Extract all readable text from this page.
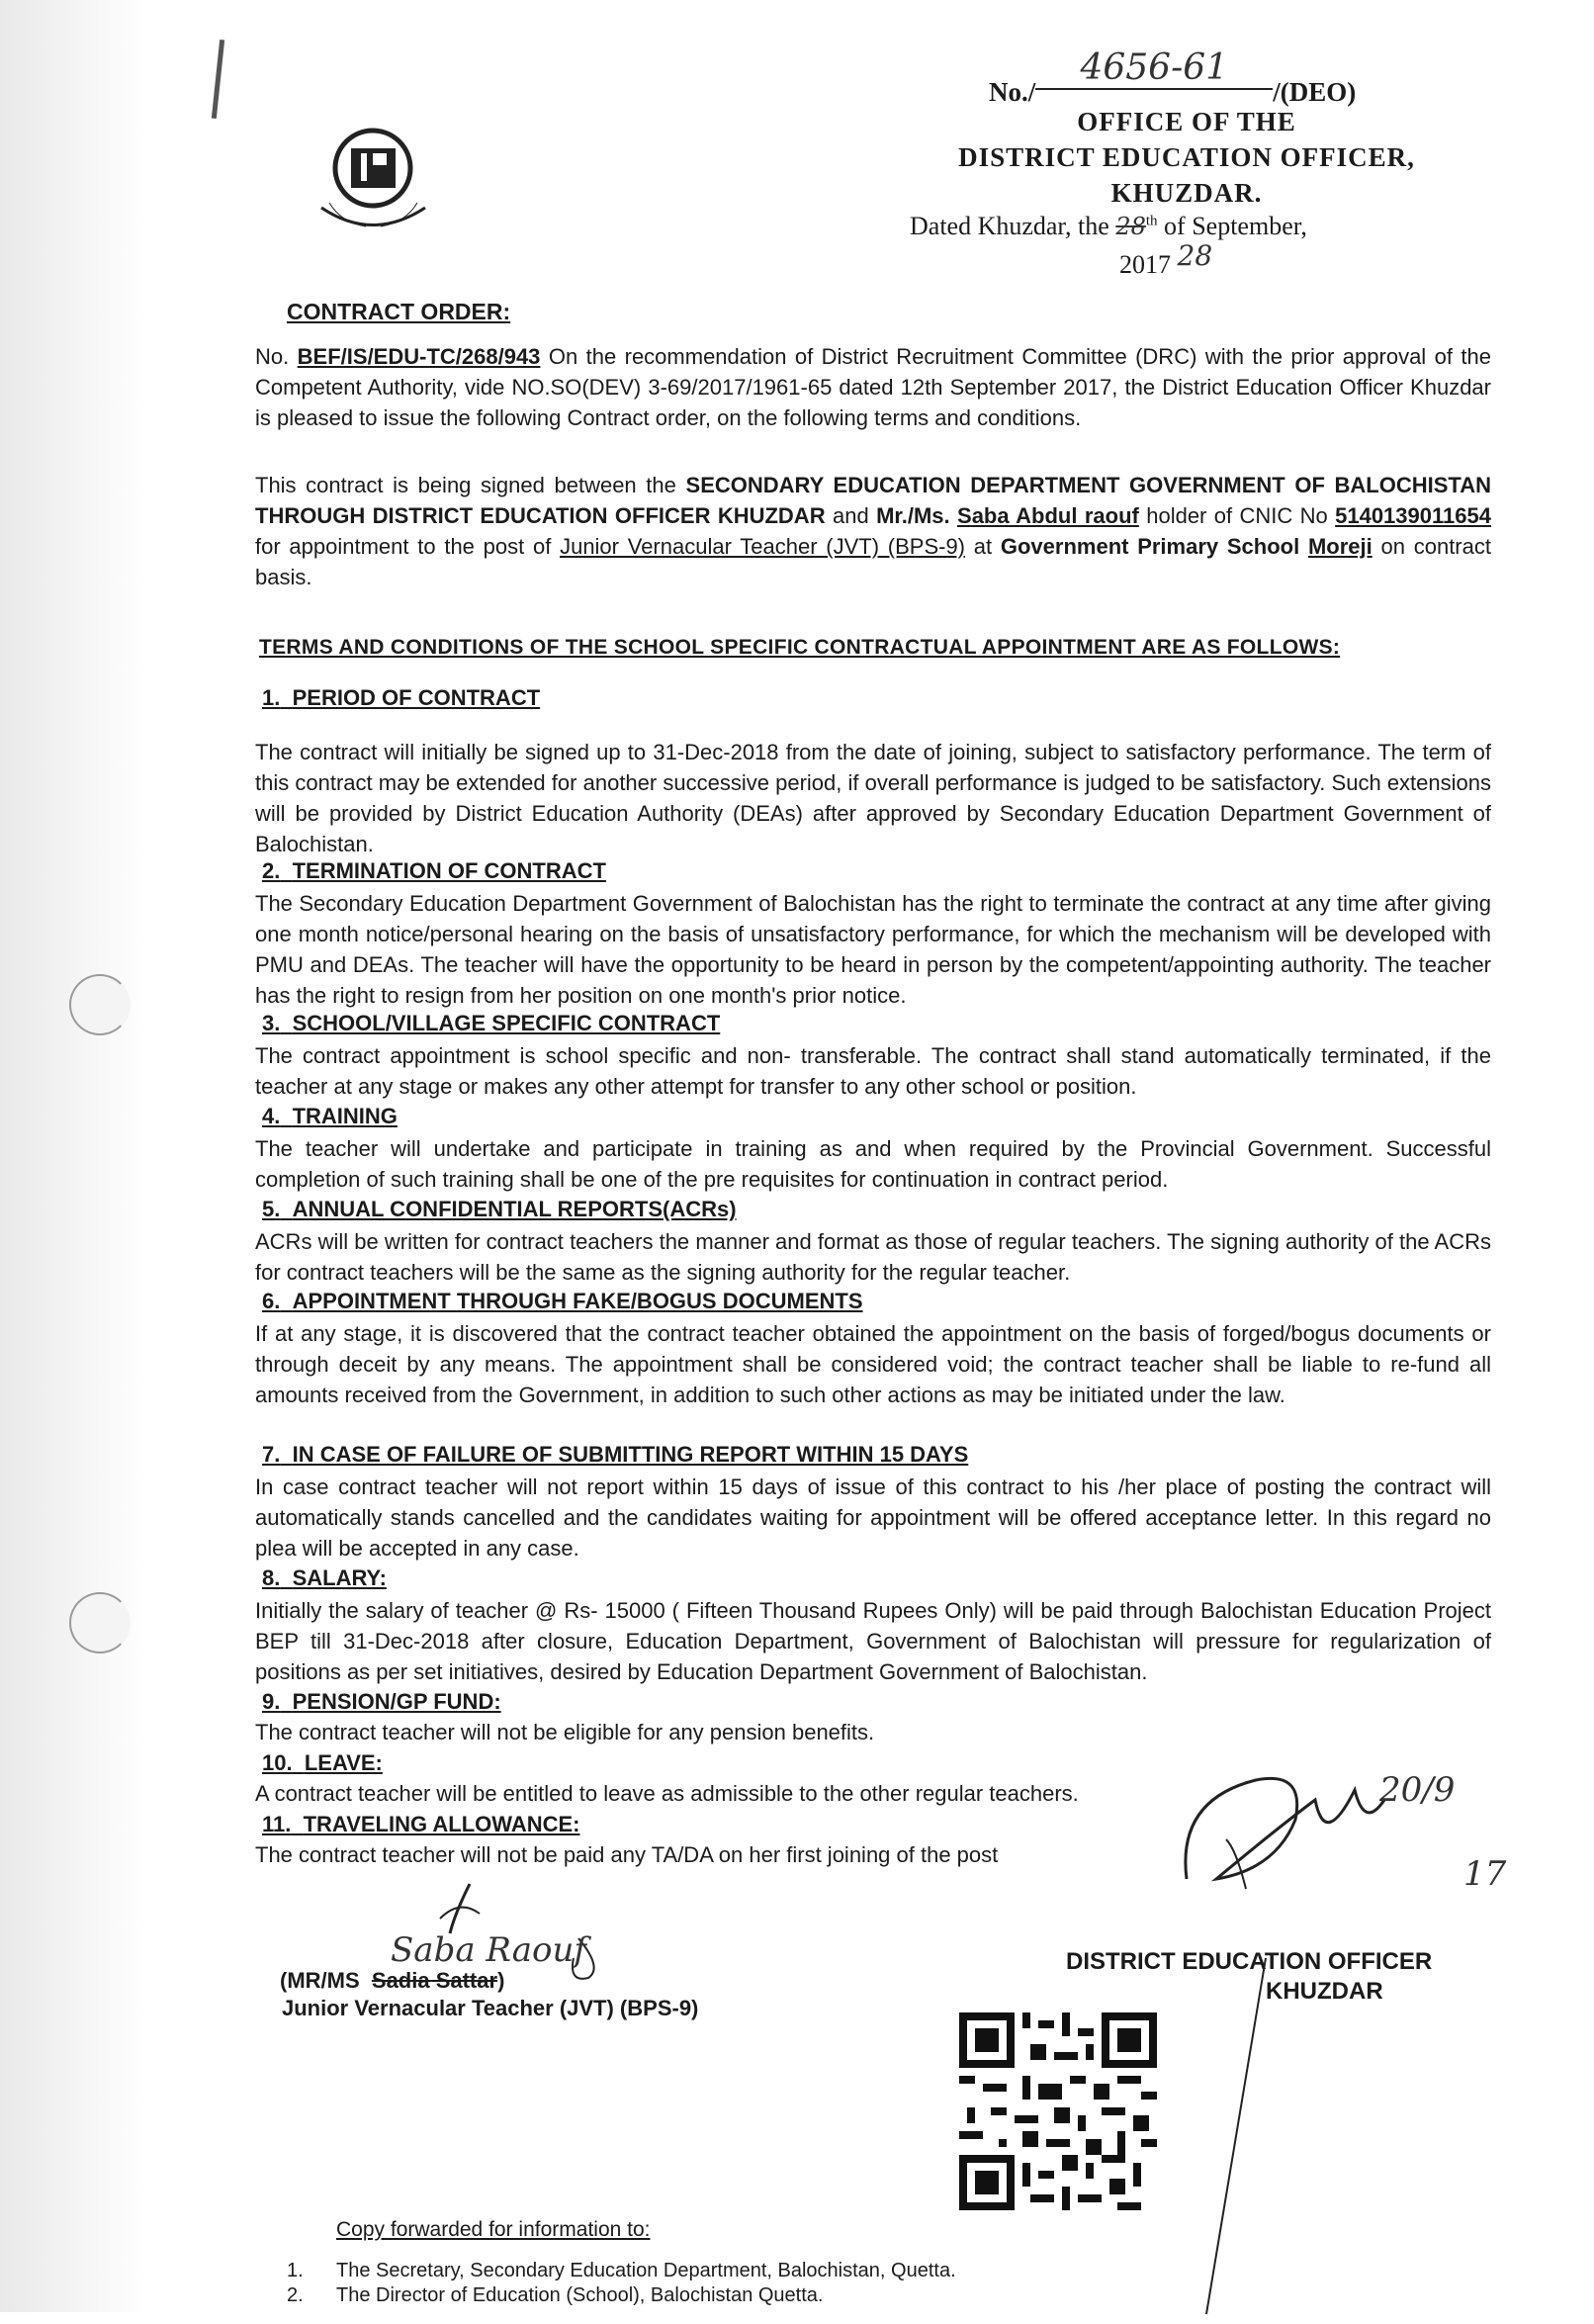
No./4656-61/(DEO)
OFFICE OF THE
DISTRICT EDUCATION OFFICER,
KHUZDAR.
Dated Khuzdar, the 28th of September,
2017 28
CONTRACT ORDER:
No. BEF/IS/EDU-TC/268/943 On the recommendation of District Recruitment Committee (DRC) with the prior approval of the Competent Authority, vide NO.SO(DEV) 3-69/2017/1961-65 dated 12th September 2017, the District Education Officer Khuzdar is pleased to issue the following Contract order, on the following terms and conditions.
This contract is being signed between the SECONDARY EDUCATION DEPARTMENT GOVERNMENT OF BALOCHISTAN THROUGH DISTRICT EDUCATION OFFICER KHUZDAR and Mr./Ms. Saba Abdul raouf holder of CNIC No 5140139011654 for appointment to the post of Junior Vernacular Teacher (JVT) (BPS-9) at Government Primary School Moreji on contract basis.
TERMS AND CONDITIONS OF THE SCHOOL SPECIFIC CONTRACTUAL APPOINTMENT ARE AS FOLLOWS:
1. PERIOD OF CONTRACT
The contract will initially be signed up to 31-Dec-2018 from the date of joining, subject to satisfactory performance. The term of this contract may be extended for another successive period, if overall performance is judged to be satisfactory. Such extensions will be provided by District Education Authority (DEAs) after approved by Secondary Education Department Government of Balochistan.
2. TERMINATION OF CONTRACT
The Secondary Education Department Government of Balochistan has the right to terminate the contract at any time after giving one month notice/personal hearing on the basis of unsatisfactory performance, for which the mechanism will be developed with PMU and DEAs. The teacher will have the opportunity to be heard in person by the competent/appointing authority. The teacher has the right to resign from her position on one month's prior notice.
3. SCHOOL/VILLAGE SPECIFIC CONTRACT
The contract appointment is school specific and non- transferable. The contract shall stand automatically terminated, if the teacher at any stage or makes any other attempt for transfer to any other school or position.
4. TRAINING
The teacher will undertake and participate in training as and when required by the Provincial Government. Successful completion of such training shall be one of the pre requisites for continuation in contract period.
5. ANNUAL CONFIDENTIAL REPORTS(ACRs)
ACRs will be written for contract teachers the manner and format as those of regular teachers. The signing authority of the ACRs for contract teachers will be the same as the signing authority for the regular teacher.
6. APPOINTMENT THROUGH FAKE/BOGUS DOCUMENTS
If at any stage, it is discovered that the contract teacher obtained the appointment on the basis of forged/bogus documents or through deceit by any means. The appointment shall be considered void; the contract teacher shall be liable to re-fund all amounts received from the Government, in addition to such other actions as may be initiated under the law.
7. IN CASE OF FAILURE OF SUBMITTING REPORT WITHIN 15 DAYS
In case contract teacher will not report within 15 days of issue of this contract to his /her place of posting the contract will automatically stands cancelled and the candidates waiting for appointment will be offered acceptance letter. In this regard no plea will be accepted in any case.
8. SALARY:
Initially the salary of teacher @ Rs- 15000 ( Fifteen Thousand Rupees Only) will be paid through Balochistan Education Project BEP till 31-Dec-2018 after closure, Education Department, Government of Balochistan will pressure for regularization of positions as per set initiatives, desired by Education Department Government of Balochistan.
9. PENSION/GP FUND:
The contract teacher will not be eligible for any pension benefits.
10. LEAVE:
A contract teacher will be entitled to leave as admissible to the other regular teachers.
11. TRAVELING ALLOWANCE:
The contract teacher will not be paid any TA/DA on her first joining of the post
Saba Raouf
(MR/MS Sadia Sattar)
Junior Vernacular Teacher (JVT) (BPS-9)
20/9
17
DISTRICT EDUCATION OFFICER
KHUZDAR
Copy forwarded for information to:
1. The Secretary, Secondary Education Department, Balochistan, Quetta.
2. The Director of Education (School), Balochistan Quetta.
